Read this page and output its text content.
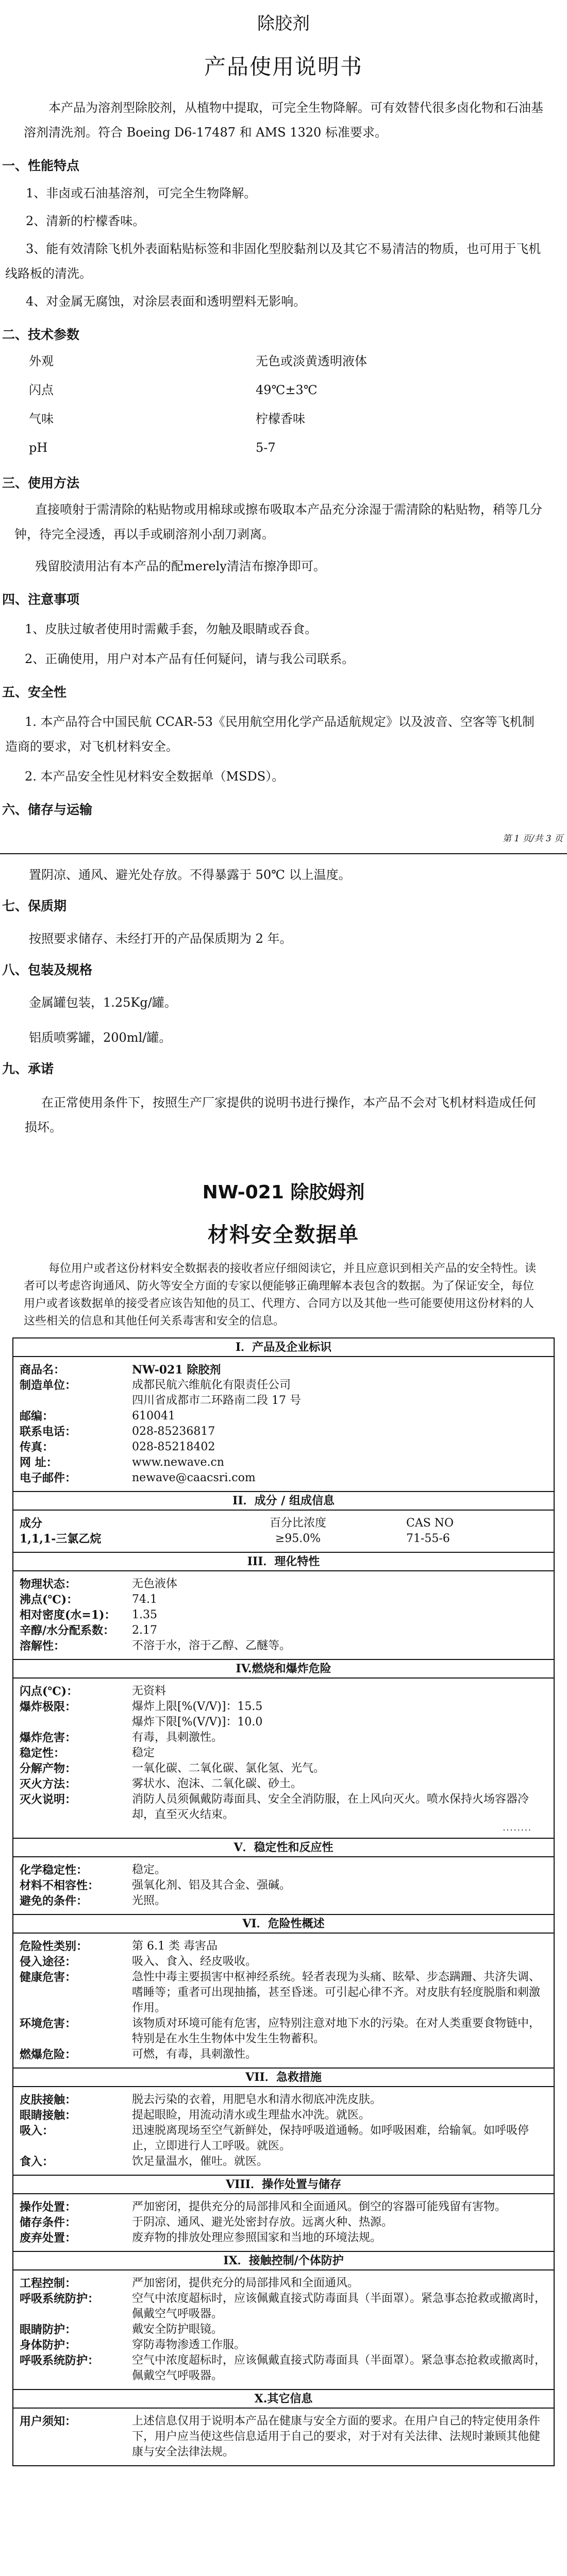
除胶剂
产品使用说明书

本产品为溶剂型除胶剂，从植物中提取，可完全生物降解。可有效替代很多卤化物和石油基溶剂清洗剂。符合 Boeing D6-17487 和 AMS 1320 标准要求。

一、性能特点

1、非卤或石油基溶剂，可完全生物降解。

2、清新的柠檬香味。

3、能有效清除飞机外表面粘贴标签和非固化型胶黏剂以及其它不易清洁的物质，也可用于飞机线路板的清洗。

4、对金属无腐蚀，对涂层表面和透明塑料无影响。

二、技术参数
外观	无色或淡黄透明液体
闪点	49℃±3℃
气味	柠檬香味
pH	5-7
三、使用方法

直接喷射于需清除的粘贴物或用棉球或擦布吸取本产品充分涂湿于需清除的粘贴物，稍等几分钟，待完全浸透，再以手或刷溶剂小刮刀剥离。

残留胶渍用沾有本产品的配merely清洁布擦净即可。

四、注意事项

1、皮肤过敏者使用时需戴手套，勿触及眼睛或吞食。

2、正确使用，用户对本产品有任何疑问，请与我公司联系。

五、安全性

1. 本产品符合中国民航 CCAR-53《民用航空用化学产品适航规定》以及波音、空客等飞机制造商的要求，对飞机材料安全。

2. 本产品安全性见材料安全数据单（MSDS）。

六、储存与运输
第 1 页/共 3 页

置阴凉、通风、避光处存放。不得暴露于 50℃ 以上温度。

七、保质期

按照要求储存、未经打开的产品保质期为 2 年。

八、包装及规格

金属罐包装，1.25Kg/罐。

铝质喷雾罐，200ml/罐。

九、承诺

在正常使用条件下，按照生产厂家提供的说明书进行操作，本产品不会对飞机材料造成任何损坏。

NW-021 除胶姆剂
材料安全数据单

每位用户或者这份材料安全数据表的接收者应仔细阅读它，并且应意识到相关产品的安全特性。读者可以考虑咨询通风、防火等安全方面的专家以便能够正确理解本表包含的数据。为了保证安全，每位用户或者该数据单的接受者应该告知他的员工、代理方、合同方以及其他一些可能要使用这份材料的人这些相关的信息和其他任何关系毒害和安全的信息。

I．产品及企业标识
商品名：	NW-021 除胶剂
制造单位：	成都民航六维航化有限责任公司
四川省成都市二环路南二段 17 号
邮编：	610041
联系电话：	028-85236817
传真：	028-85218402
网 址：	www.newave.cn
电子邮件：	newave@caacsri.com
II．成分 / 组成信息
成分	百分比浓度	CAS NO
1,1,1-三氯乙烷	≥95.0%	71-55-6
III．理化特性
物理状态：	无色液体
沸点(℃)：	74.1
相对密度(水=1)：	1.35
辛醇/水分配系数：	2.17
溶解性：	不溶于水，溶于乙醇、乙醚等。
IV.燃烧和爆炸危险
闪点(℃)：	无资料
爆炸极限：	爆炸上限[%(V/V)]：15.5
爆炸下限[%(V/V)]：10.0
爆炸危害：	有毒，具刺激性。
稳定性：	稳定
分解产物：	一氧化碳、二氧化碳、氯化氢、光气。
灭火方法：	雾状水、泡沫、二氧化碳、砂土。
灭火说明：	消防人员须佩戴防毒面具、安全全消防服，在上风向灭火。喷水保持火场容器冷却，直至灭火结束。
........
V．稳定性和反应性
化学稳定性：	稳定。
材料不相容性：	强氧化剂、铝及其合金、强碱。
避免的条件：	光照。
VI．危险性概述
危险性类别：	第 6.1 类 毒害品
侵入途径：	吸入、食入、经皮吸收。
健康危害：	急性中毒主要损害中枢神经系统。轻者表现为头痛、眩晕、步态蹒跚、共济失调、嗜睡等；重者可出现抽搐，甚至昏迷。可引起心律不齐。对皮肤有轻度脱脂和刺激作用。
环境危害：	该物质对环境可能有危害，应特别注意对地下水的污染。在对人类重要食物链中，特别是在水生生物体中发生生物蓄积。
燃爆危险：	可燃，有毒，具刺激性。
VII．急救措施
皮肤接触：	脱去污染的衣着，用肥皂水和清水彻底冲洗皮肤。
眼睛接触：	提起眼睑，用流动清水或生理盐水冲洗。就医。
吸入：	迅速脱离现场至空气新鲜处，保持呼吸道通畅。如呼吸困难，给输氧。如呼吸停止，立即进行人工呼吸。就医。
食入：	饮足量温水，催吐。就医。
VIII．操作处置与储存
操作处置：	严加密闭，提供充分的局部排风和全面通风。倒空的容器可能残留有害物。
储存条件：	于阴凉、通风、避光处密封存放。远离火种、热源。
废弃处置：	废弃物的排放处理应参照国家和当地的环境法规。
IX．接触控制/个体防护
工程控制：	严加密闭，提供充分的局部排风和全面通风。
呼吸系统防护：	空气中浓度超标时，应该佩戴直接式防毒面具（半面罩）。紧急事态抢救或撤离时，佩戴空气呼吸器。
眼睛防护：	戴安全防护眼镜。
身体防护：	穿防毒物渗透工作服。
呼吸系统防护：	空气中浓度超标时，应该佩戴直接式防毒面具（半面罩）。紧急事态抢救或撤离时，佩戴空气呼吸器。
X.其它信息
用户须知：	上述信息仅用于说明本产品在健康与安全方面的要求。在用户自己的特定使用条件下，用户应当使这些信息适用于自己的要求，对于对有关法律、法规时兼顾其他健康与安全法律法规。
